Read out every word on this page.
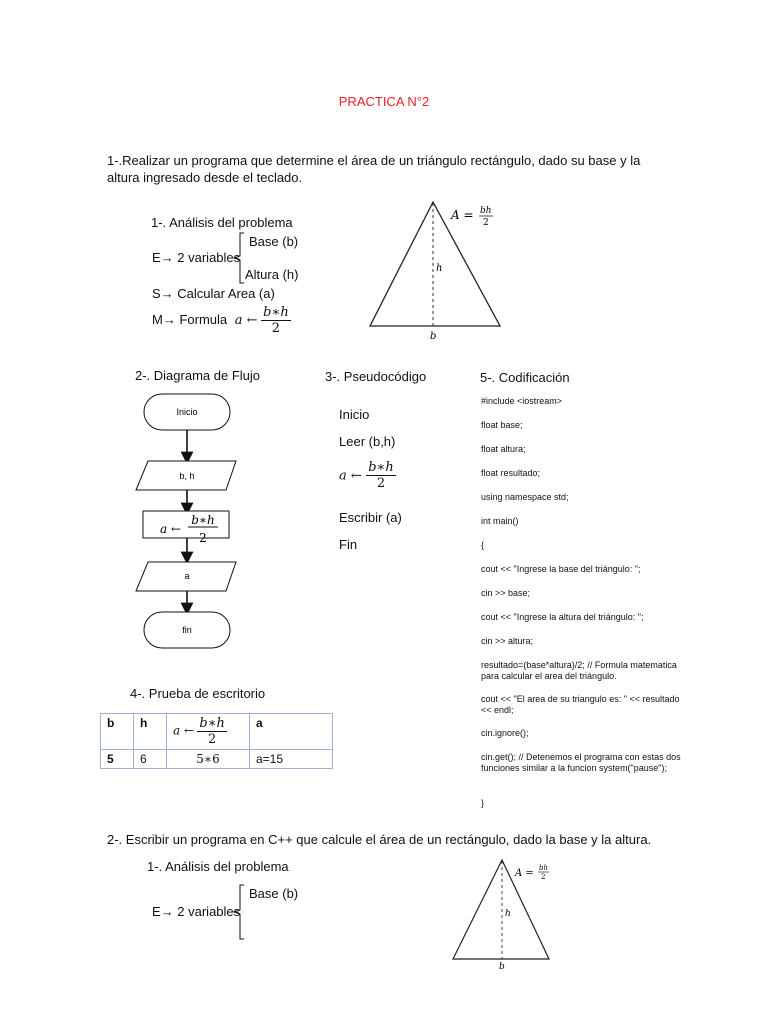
PRACTICA N°2
1-.Realizar un programa que determine el área de un triángulo rectángulo, dado su base y la altura ingresado desde el teclado.
1-. Análisis del problema
Base (b)
E→ 2 variables
Altura (h)
S→ Calcular Area (a)
M→ Formula a ← $\frac{b∗h}{2}$
h
b
A = bh
2
2-. Diagrama de Flujo	3-. Pseudocódigo	5-. Codificación
Inicio
b, h
a ←
b∗h
2
a
fin
Inicio
Leer (b,h)
a ← $\frac{b∗h}{2}$
Escribir (a)
Fin
#include <iostream>
float base;
float altura;
float resultado;
using namespace std;
int main()
{
cout << "Ingrese la base del triángulo: ";
cin >> base;
cout << "Ingrese la altura del triángulo: ";
cin >> altura;
resultado=(base*altura)/2; // Formula matematica para calcular el area del triángulo.
cout << "El area de su triangulo es: " << resultado << endl;
cin.ignore();
cin.get(); // Detenemos el programa con estas dos funciones similar a la funcion system("pause");
}
4-. Prueba de escritorio
b	h	a ← $\frac{b∗h}{2}$	a
5	6	5∗6	a=15
2-. Escribir un programa en C++ que calcule el área de un rectángulo, dado la base y la altura.
1-. Análisis del problema
Base (b)
E→ 2 variables	h
b
A = bh
2
